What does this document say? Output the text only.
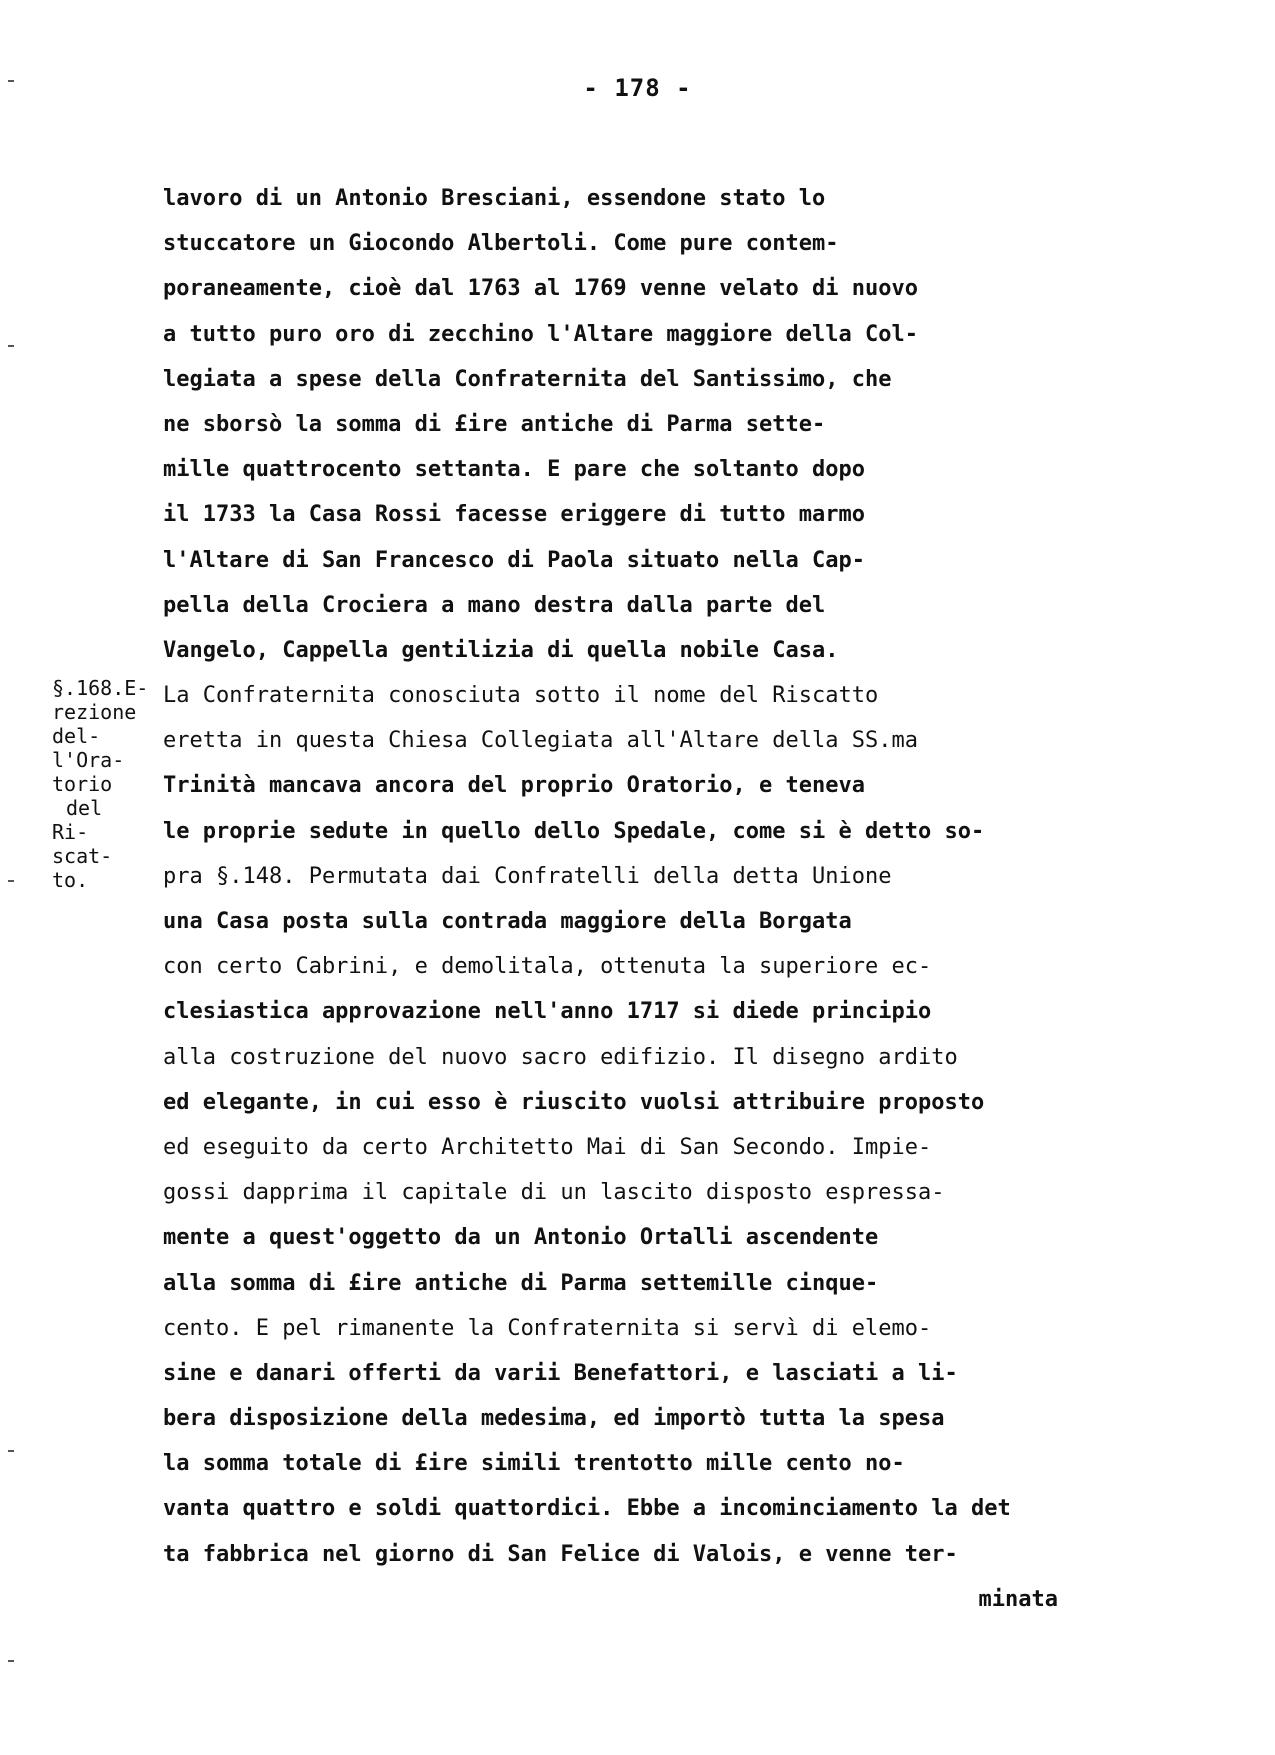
- 178 -
§.168.E-
rezione
del-
l'Ora-
torio
del
Ri-
scat-
to.
lavoro di un Antonio Bresciani, essendone stato lo
stuccatore un Giocondo Albertoli. Come pure contem-
poraneamente, cioè dal 1763 al 1769 venne velato di nuovo
a tutto puro oro di zecchino l'Altare maggiore della Col-
legiata a spese della Confraternita del Santissimo, che
ne sborsò la somma di £ire antiche di Parma sette-
mille quattrocento settanta. E pare che soltanto dopo
il 1733 la Casa Rossi facesse eriggere di tutto marmo
l'Altare di San Francesco di Paola situato nella Cap-
pella della Crociera a mano destra dalla parte del
Vangelo, Cappella gentilizia di quella nobile Casa.
La Confraternita conosciuta sotto il nome del Riscatto
eretta in questa Chiesa Collegiata all'Altare della SS.ma
Trinità mancava ancora del proprio Oratorio, e teneva
le proprie sedute in quello dello Spedale, come si è detto so-
pra §.148. Permutata dai Confratelli della detta Unione
una Casa posta sulla contrada maggiore della Borgata
con certo Cabrini, e demolitala, ottenuta la superiore ec-
clesiastica approvazione nell'anno 1717 si diede principio
alla costruzione del nuovo sacro edifizio. Il disegno ardito
ed elegante, in cui esso è riuscito vuolsi attribuire proposto
ed eseguito da certo Architetto Mai di San Secondo. Impie-
gossi dapprima il capitale di un lascito disposto espressa-
mente a quest'oggetto da un Antonio Ortalli ascendente
alla somma di £ire antiche di Parma settemille cinque-
cento. E pel rimanente la Confraternita si servì di elemo-
sine e danari offerti da varii Benefattori, e lasciati a li-
bera disposizione della medesima, ed importò tutta la spesa
la somma totale di £ire simili trentotto mille cento no-
vanta quattro e soldi quattordici. Ebbe a incominciamento la det
ta fabbrica nel giorno di San Felice di Valois, e venne ter-
minata
